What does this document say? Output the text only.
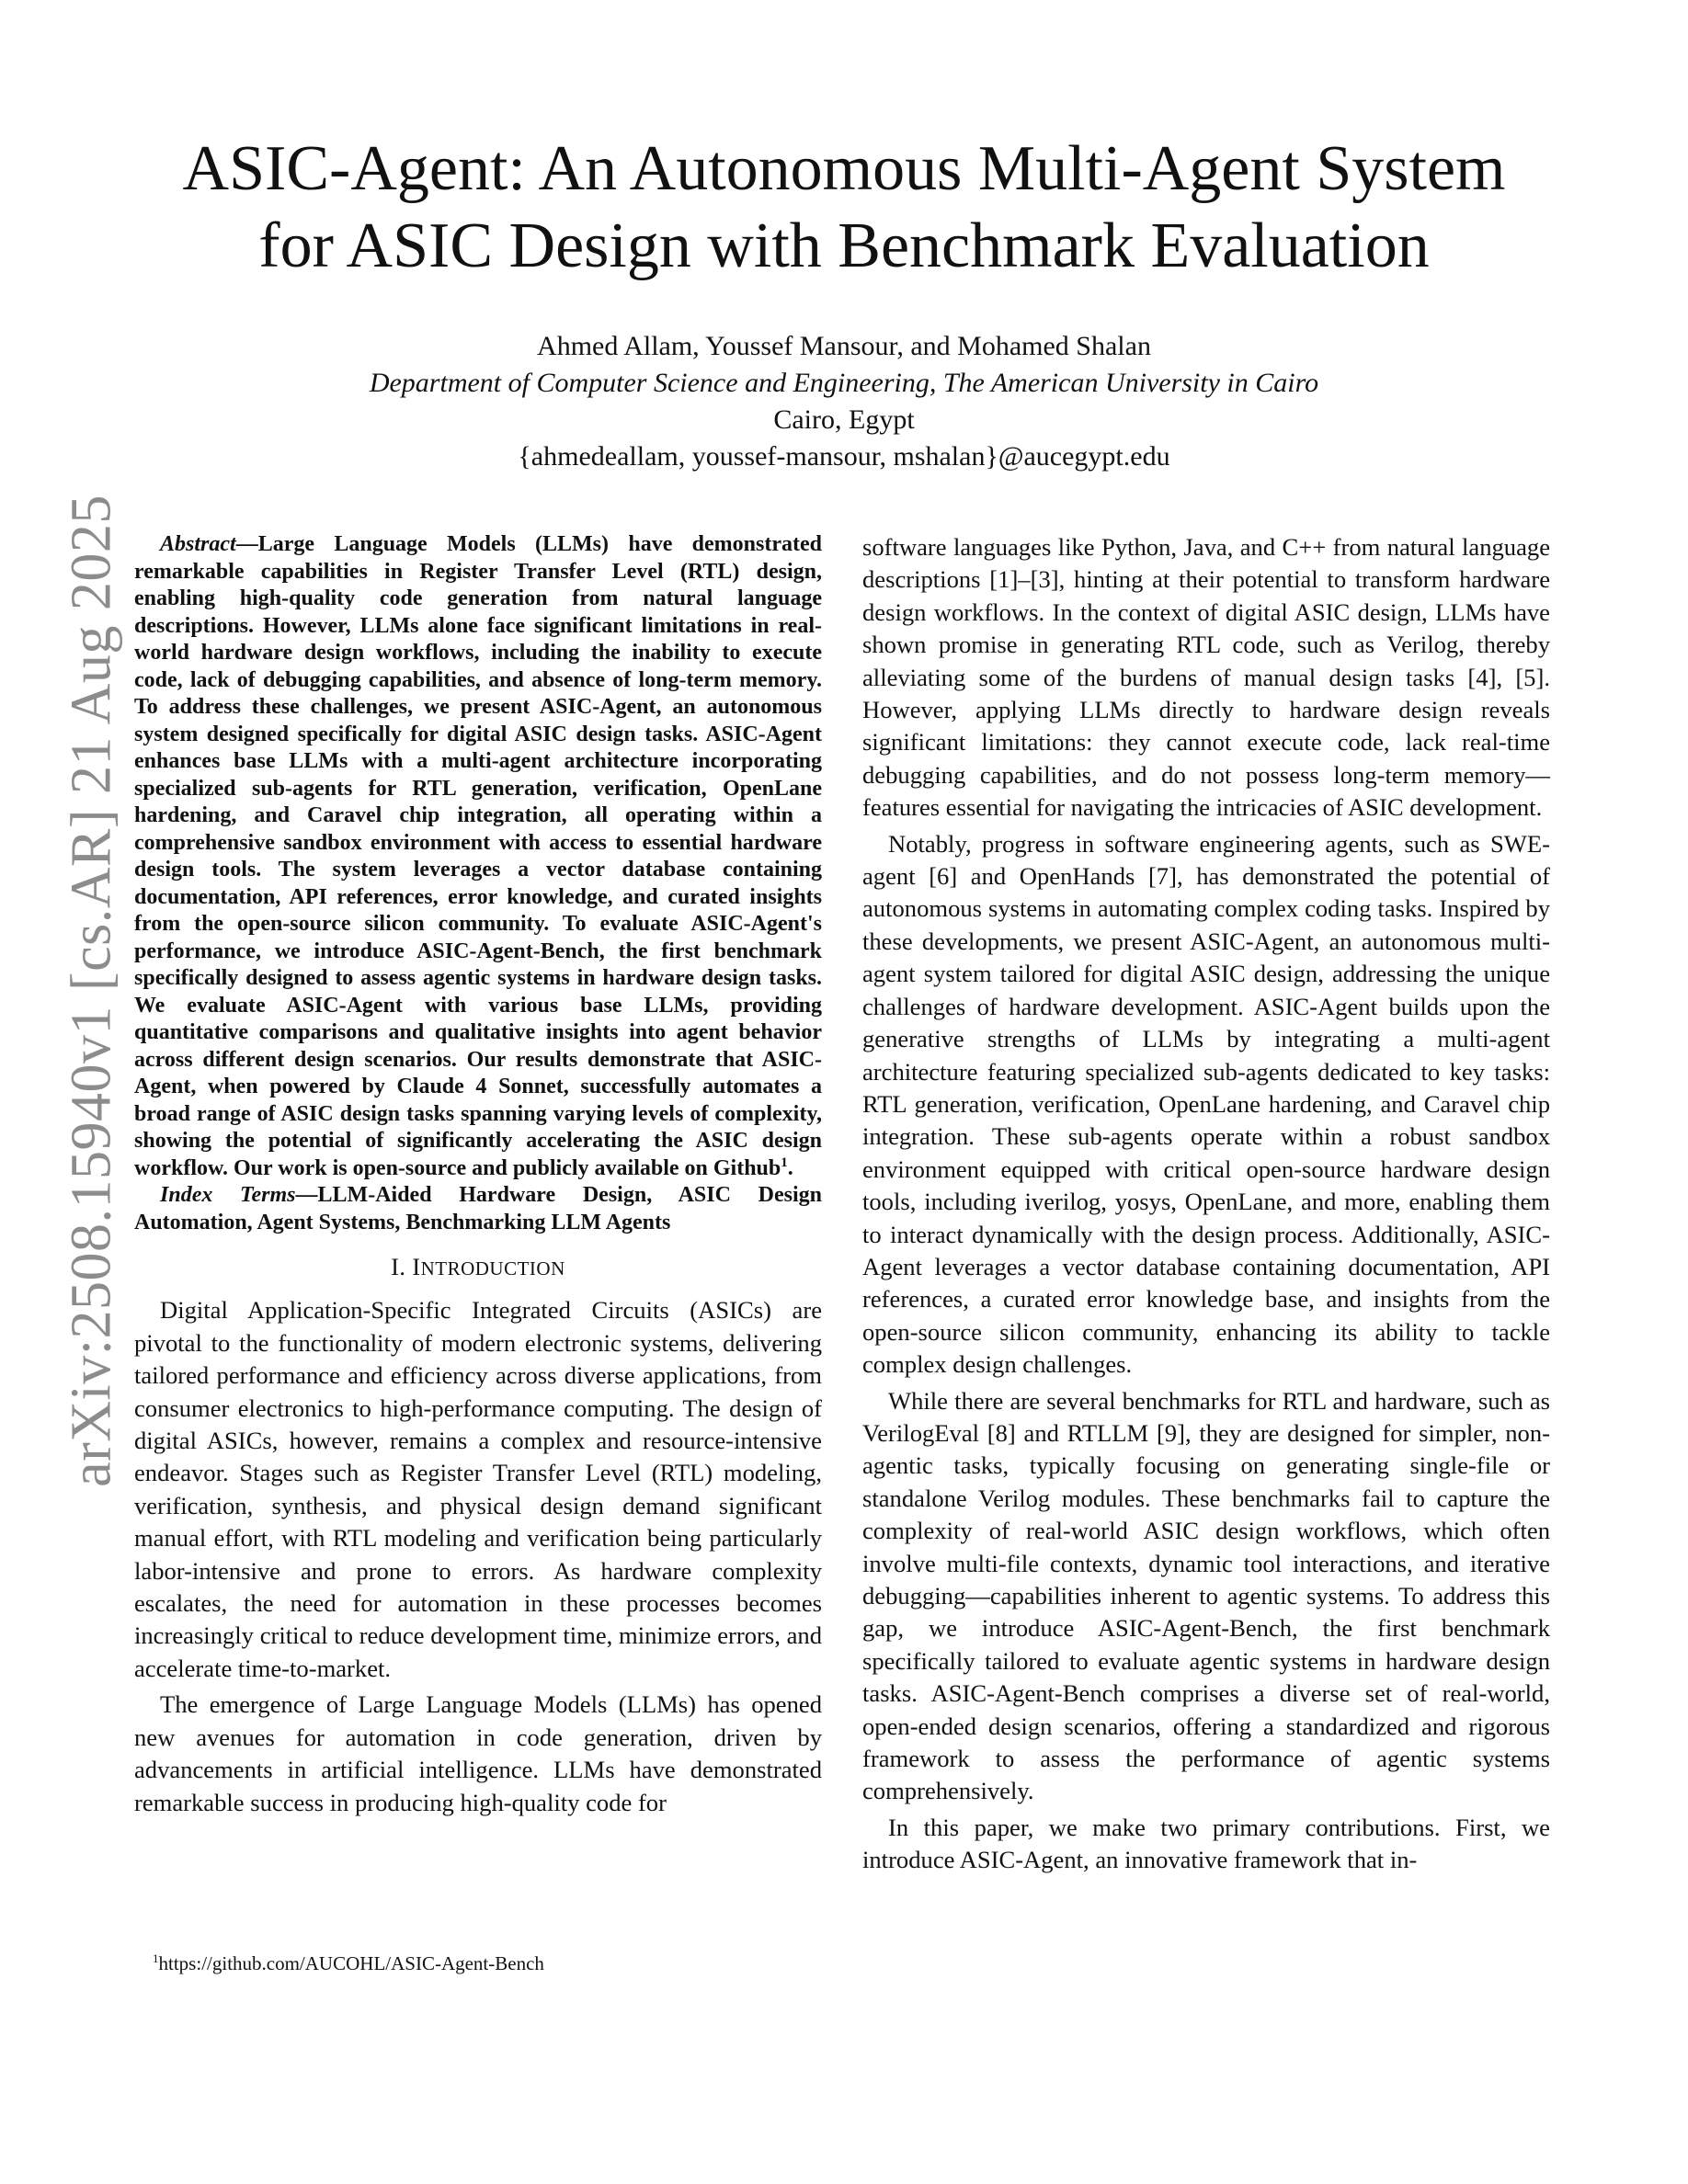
arXiv:2508.15940v1 [cs.AR] 21 Aug 2025
ASIC-Agent: An Autonomous Multi-Agent System
for ASIC Design with Benchmark Evaluation
Ahmed Allam, Youssef Mansour, and Mohamed Shalan
Department of Computer Science and Engineering, The American University in Cairo
Cairo, Egypt
{ahmedeallam, youssef-mansour, mshalan}@aucegypt.edu

Abstract—Large Language Models (LLMs) have demonstrated remarkable capabilities in Register Transfer Level (RTL) design, enabling high-quality code generation from natural language descriptions. However, LLMs alone face significant limitations in real-world hardware design workflows, including the inability to execute code, lack of debugging capabilities, and absence of long-term memory. To address these challenges, we present ASIC-Agent, an autonomous system designed specifically for digital ASIC design tasks. ASIC-Agent enhances base LLMs with a multi-agent architecture incorporating specialized sub-agents for RTL generation, verification, OpenLane hardening, and Caravel chip integration, all operating within a comprehensive sandbox environment with access to essential hardware design tools. The system leverages a vector database containing documentation, API references, error knowledge, and curated insights from the open-source silicon community. To evaluate ASIC-Agent's performance, we introduce ASIC-Agent-Bench, the first benchmark specifically designed to assess agentic systems in hardware design tasks. We evaluate ASIC-Agent with various base LLMs, providing quantitative comparisons and qualitative insights into agent behavior across different design scenarios. Our results demonstrate that ASIC-Agent, when powered by Claude 4 Sonnet, successfully automates a broad range of ASIC design tasks spanning varying levels of complexity, showing the potential of significantly accelerating the ASIC design workflow. Our work is open-source and publicly available on Github$^1$.

Index Terms—LLM-Aided Hardware Design, ASIC Design Automation, Agent Systems, Benchmarking LLM Agents

I. INTRODUCTION

Digital Application-Specific Integrated Circuits (ASICs) are pivotal to the functionality of modern electronic systems, delivering tailored performance and efficiency across diverse applications, from consumer electronics to high-performance computing. The design of digital ASICs, however, remains a complex and resource-intensive endeavor. Stages such as Register Transfer Level (RTL) modeling, verification, synthesis, and physical design demand significant manual effort, with RTL modeling and verification being particularly labor-intensive and prone to errors. As hardware complexity escalates, the need for automation in these processes becomes increasingly critical to reduce development time, minimize errors, and accelerate time-to-market.

The emergence of Large Language Models (LLMs) has opened new avenues for automation in code generation, driven by advancements in artificial intelligence. LLMs have demonstrated remarkable success in producing high-quality code for

software languages like Python, Java, and C++ from natural language descriptions [1]–[3], hinting at their potential to transform hardware design workflows. In the context of digital ASIC design, LLMs have shown promise in generating RTL code, such as Verilog, thereby alleviating some of the burdens of manual design tasks [4], [5]. However, applying LLMs directly to hardware design reveals significant limitations: they cannot execute code, lack real-time debugging capabilities, and do not possess long-term memory—features essential for navigating the intricacies of ASIC development.

Notably, progress in software engineering agents, such as SWE-agent [6] and OpenHands [7], has demonstrated the potential of autonomous systems in automating complex coding tasks. Inspired by these developments, we present ASIC-Agent, an autonomous multi-agent system tailored for digital ASIC design, addressing the unique challenges of hardware development. ASIC-Agent builds upon the generative strengths of LLMs by integrating a multi-agent architecture featuring specialized sub-agents dedicated to key tasks: RTL generation, verification, OpenLane hardening, and Caravel chip integration. These sub-agents operate within a robust sandbox environment equipped with critical open-source hardware design tools, including iverilog, yosys, OpenLane, and more, enabling them to interact dynamically with the design process. Additionally, ASIC-Agent leverages a vector database containing documentation, API references, a curated error knowledge base, and insights from the open-source silicon community, enhancing its ability to tackle complex design challenges.

While there are several benchmarks for RTL and hardware, such as VerilogEval [8] and RTLLM [9], they are designed for simpler, non-agentic tasks, typically focusing on generating single-file or standalone Verilog modules. These benchmarks fail to capture the complexity of real-world ASIC design workflows, which often involve multi-file contexts, dynamic tool interactions, and iterative debugging—capabilities inherent to agentic systems. To address this gap, we introduce ASIC-Agent-Bench, the first benchmark specifically tailored to evaluate agentic systems in hardware design tasks. ASIC-Agent-Bench comprises a diverse set of real-world, open-ended design scenarios, offering a standardized and rigorous framework to assess the performance of agentic systems comprehensively.

In this paper, we make two primary contributions. First, we introduce ASIC-Agent, an innovative framework that in-

$^1$https://github.com/AUCOHL/ASIC-Agent-Bench
